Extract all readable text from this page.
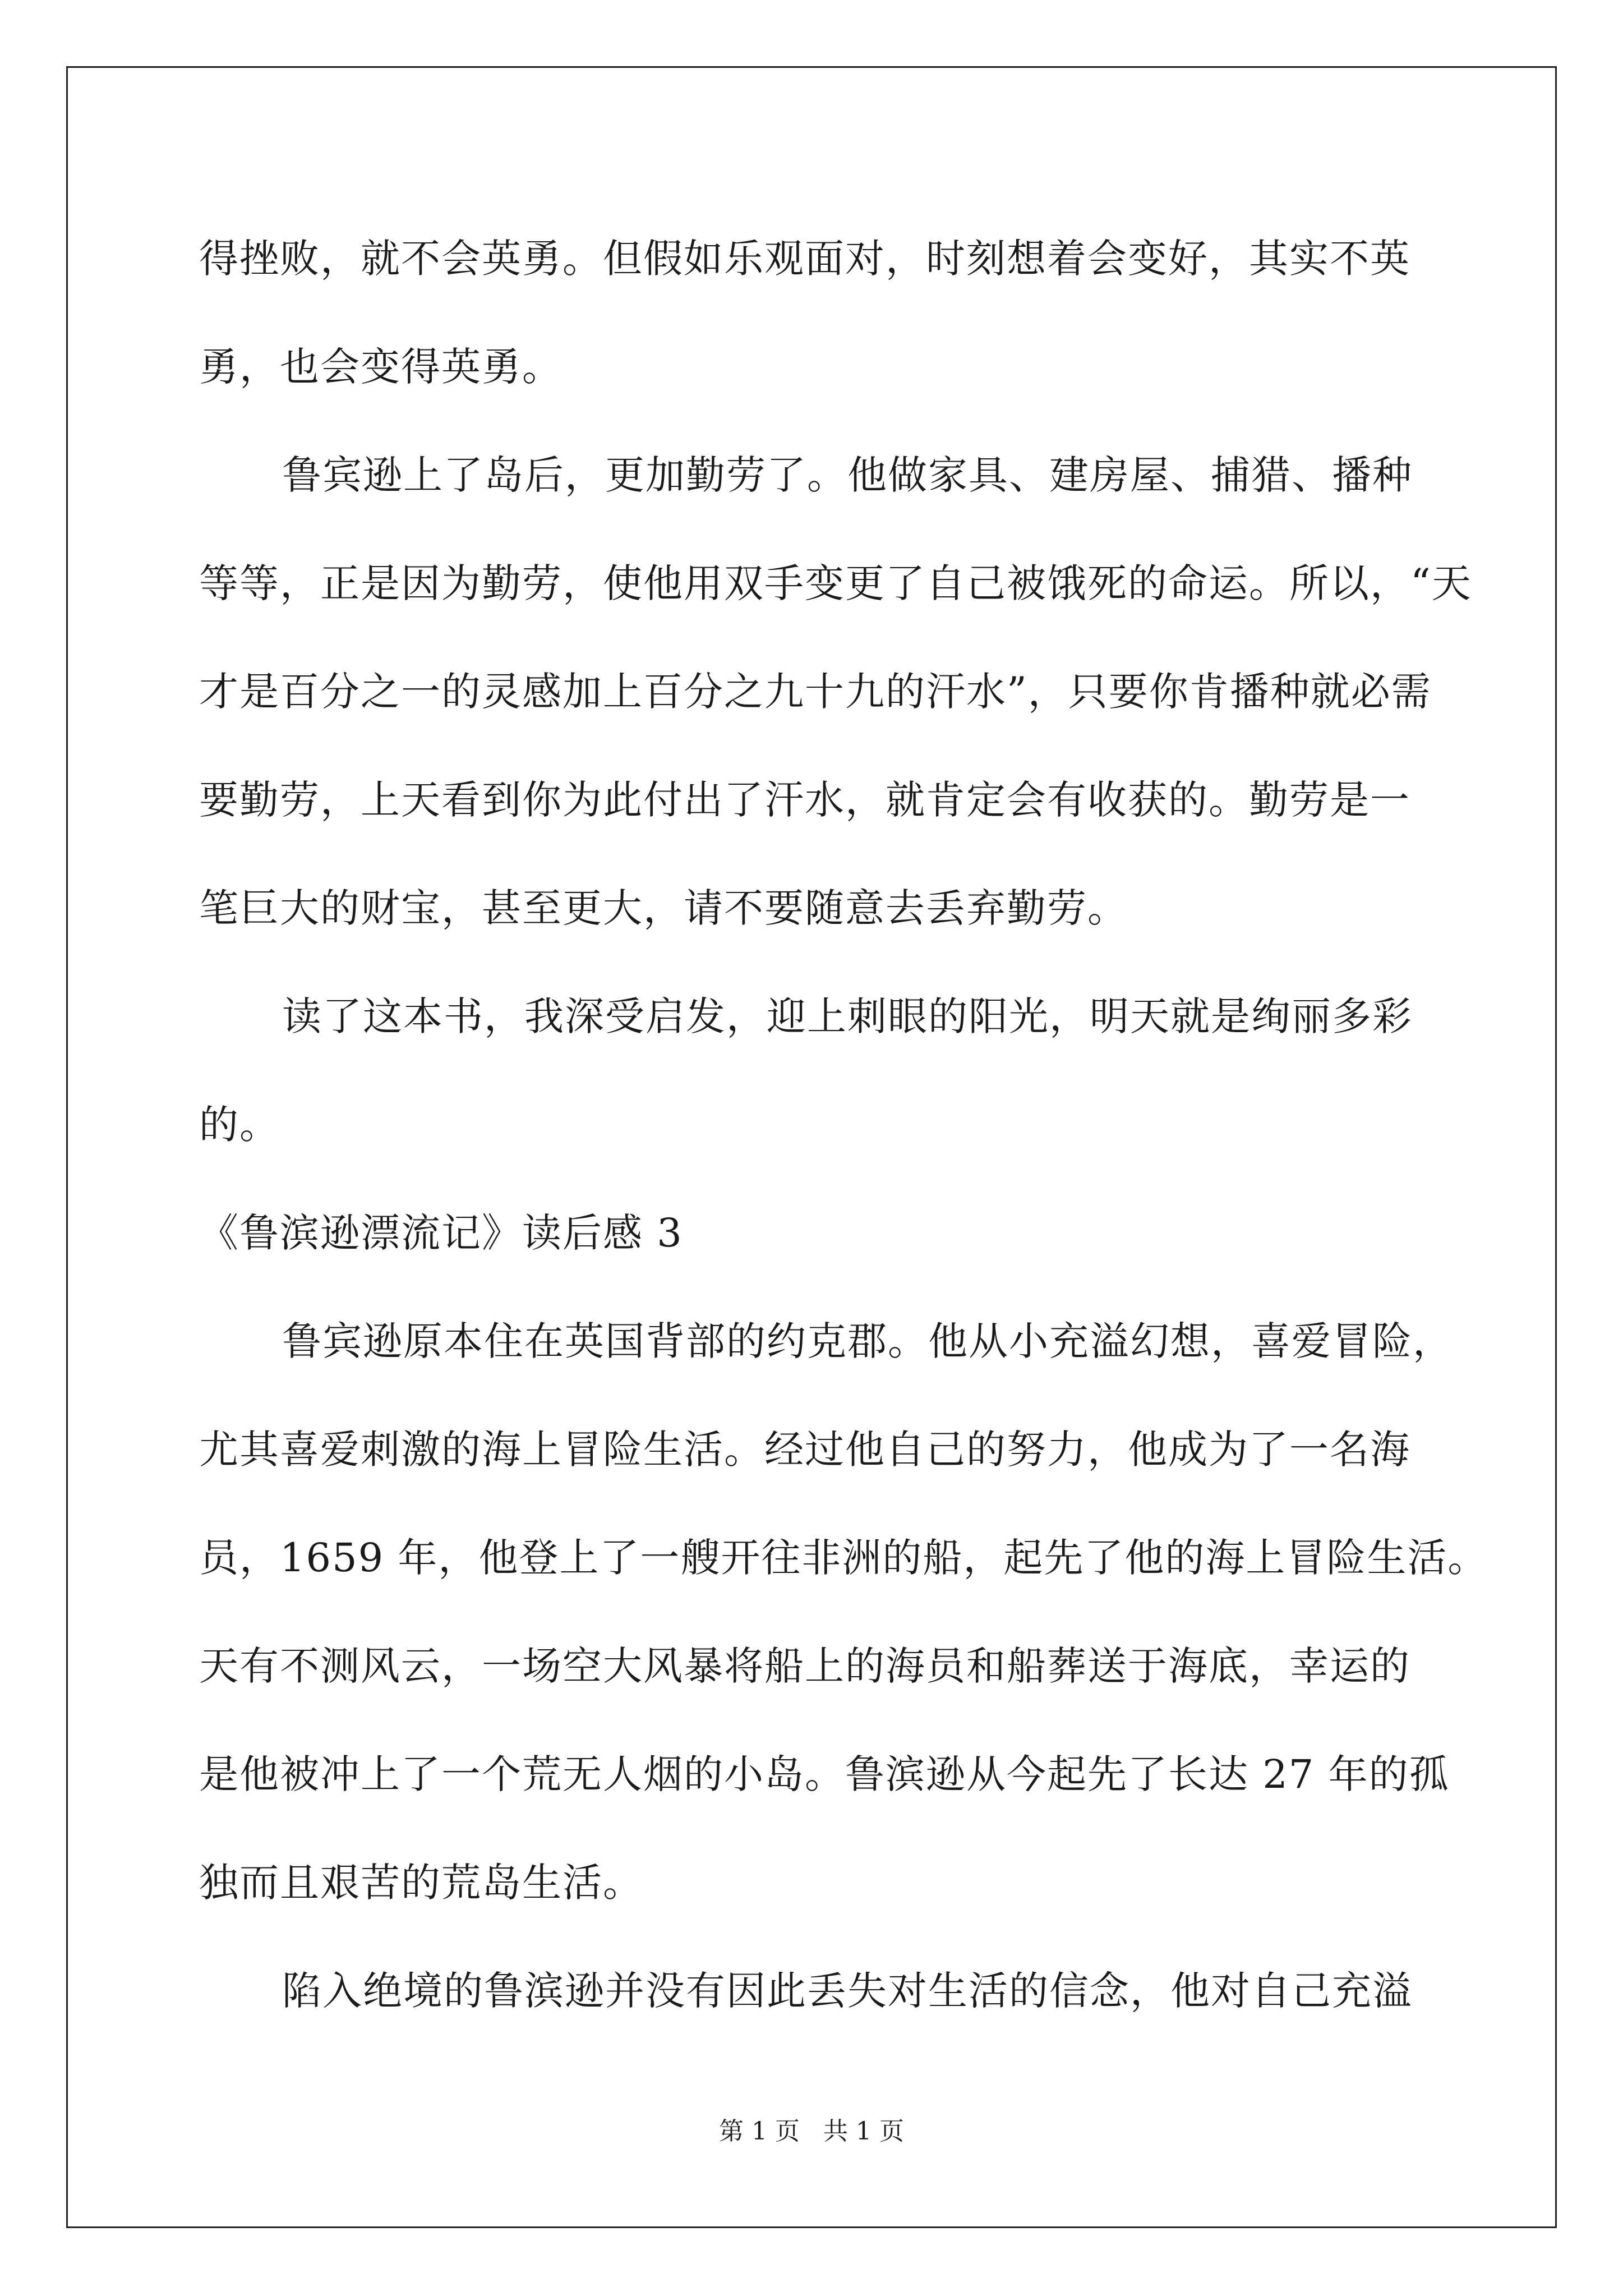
得挫败，就不会英勇。但假如乐观面对，时刻想着会变好，其实不英
勇，也会变得英勇。
鲁宾逊上了岛后，更加勤劳了。他做家具、建房屋、捕猎、播种
等等，正是因为勤劳，使他用双手变更了自己被饿死的命运。所以，“天
才是百分之一的灵感加上百分之九十九的汗水”，只要你肯播种就必需
要勤劳，上天看到你为此付出了汗水，就肯定会有收获的。勤劳是一
笔巨大的财宝，甚至更大，请不要随意去丢弃勤劳。
读了这本书，我深受启发，迎上刺眼的阳光，明天就是绚丽多彩
的。
《鲁滨逊漂流记》读后感 3
鲁宾逊原本住在英国背部的约克郡。他从小充溢幻想，喜爱冒险，
尤其喜爱刺激的海上冒险生活。经过他自己的努力，他成为了一名海
员，1659 年，他登上了一艘开往非洲的船，起先了他的海上冒险生活。
天有不测风云，一场空大风暴将船上的海员和船葬送于海底，幸运的
是他被冲上了一个荒无人烟的小岛。鲁滨逊从今起先了长达 27 年的孤
独而且艰苦的荒岛生活。
陷入绝境的鲁滨逊并没有因此丢失对生活的信念，他对自己充溢
第 1 页   共 1 页
